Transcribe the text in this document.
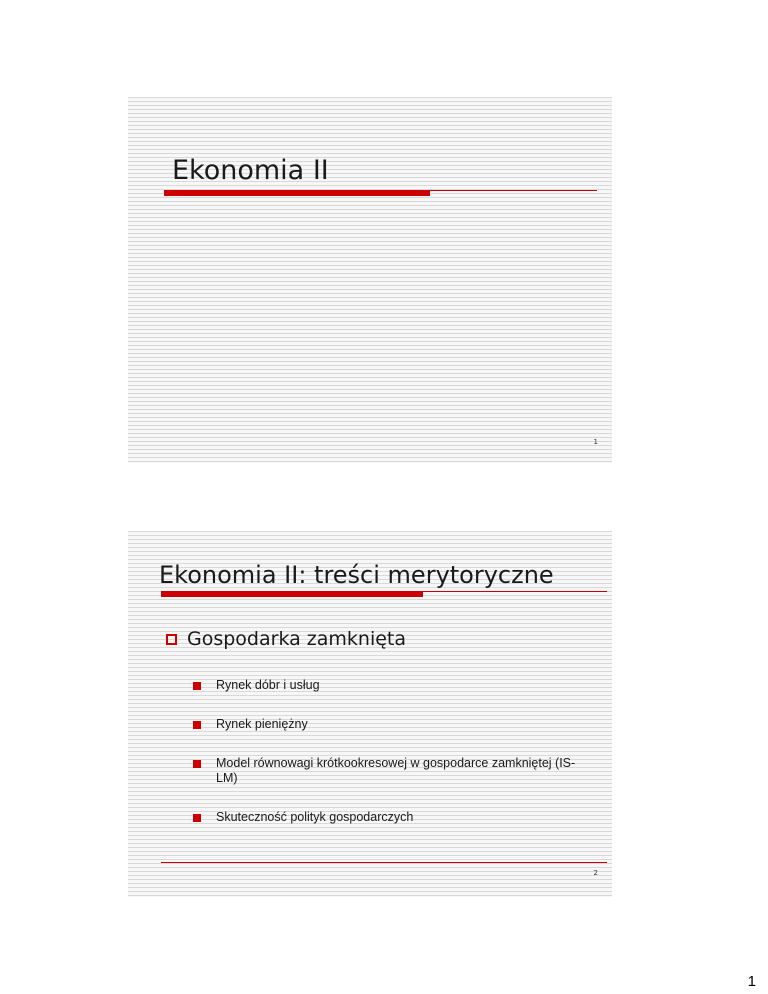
Ekonomia II
1
Ekonomia II: treści merytoryczne
Gospodarka zamknięta
Rynek dóbr i usług
Rynek pieniężny
Model równowagi krótkookresowej w gospodarce zamkniętej (IS-LM)
Skuteczność polityk gospodarczych
2
1
